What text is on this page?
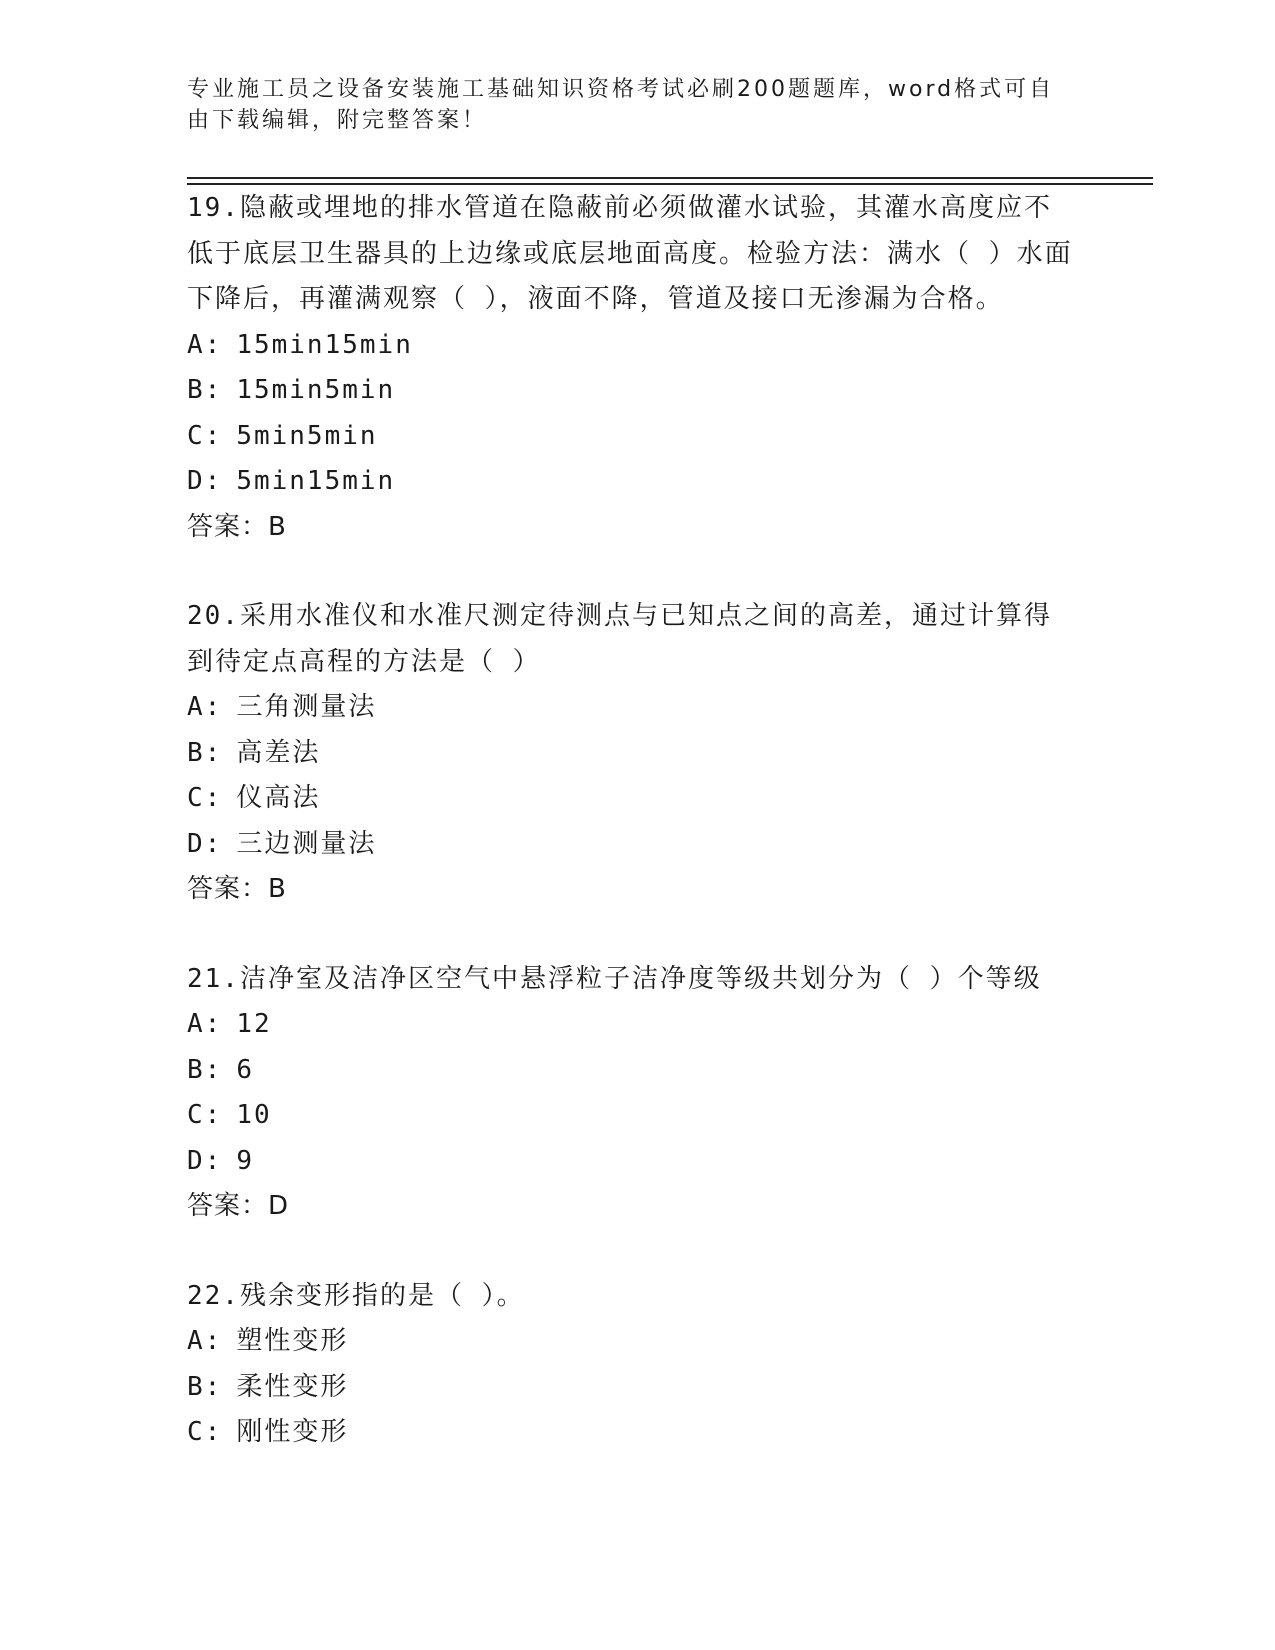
专业施工员之设备安装施工基础知识资格考试必刷200题题库，word格式可自由下载编辑，附完整答案！
19.隐蔽或埋地的排水管道在隐蔽前必须做灌水试验，其灌水高度应不低于底层卫生器具的上边缘或底层地面高度。检验方法：满水（ ）水面下降后，再灌满观察（ ），液面不降，管道及接口无渗漏为合格。
A: 15min15min
B: 15min5min
C: 5min5min
D: 5min15min
答案：B
20.采用水准仪和水准尺测定待测点与已知点之间的高差，通过计算得到待定点高程的方法是（ ）
A: 三角测量法
B: 高差法
C: 仪高法
D: 三边测量法
答案：B
21.洁净室及洁净区空气中悬浮粒子洁净度等级共划分为（ ）个等级
A: 12
B: 6
C: 10
D: 9
答案：D
22.残余变形指的是（ ）。
A: 塑性变形
B: 柔性变形
C: 刚性变形
